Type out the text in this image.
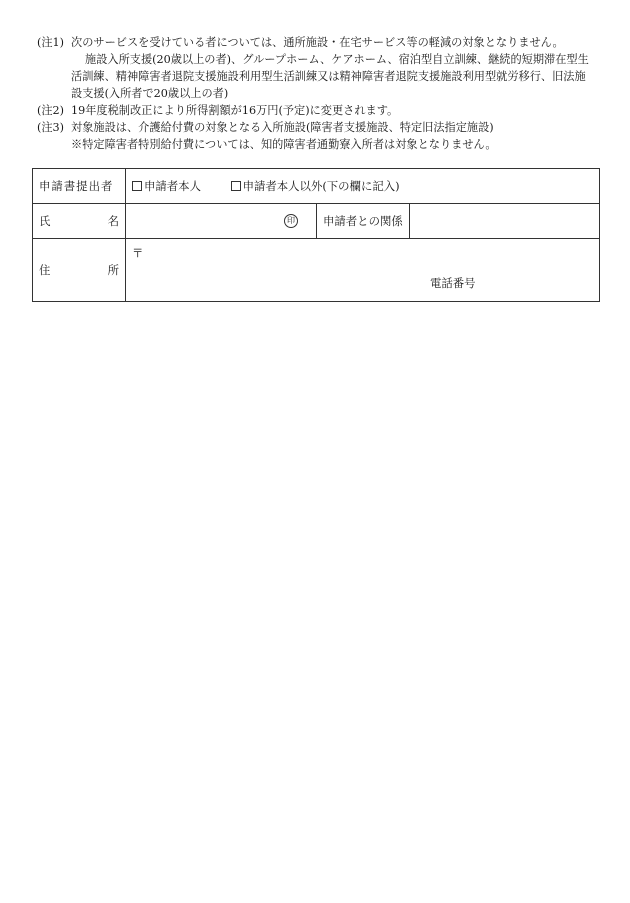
(注1) 次のサービスを受けている者については、通所施設・在宅サービス等の軽減の対象となりません。
施設入所支援(20歳以上の者)、グループホーム、ケアホーム、宿泊型自立訓練、継続的短期滞在型生
活訓練、精神障害者退院支援施設利用型生活訓練又は精神障害者退院支援施設利用型就労移行、旧法施
設支援(入所者で20歳以上の者)
(注2) 19年度税制改正により所得割額が16万円(予定)に変更されます。
(注3) 対象施設は、介護給付費の対象となる入所施設(障害者支援施設、特定旧法指定施設)
※特定障害者特別給付費については、知的障害者通勤寮入所者は対象となりません。
申請書提出者	申請者本人 申請者本人以外(下の欄に記入)		

氏 名	印	申請者との関係	

住 所	〒
電話番号		
